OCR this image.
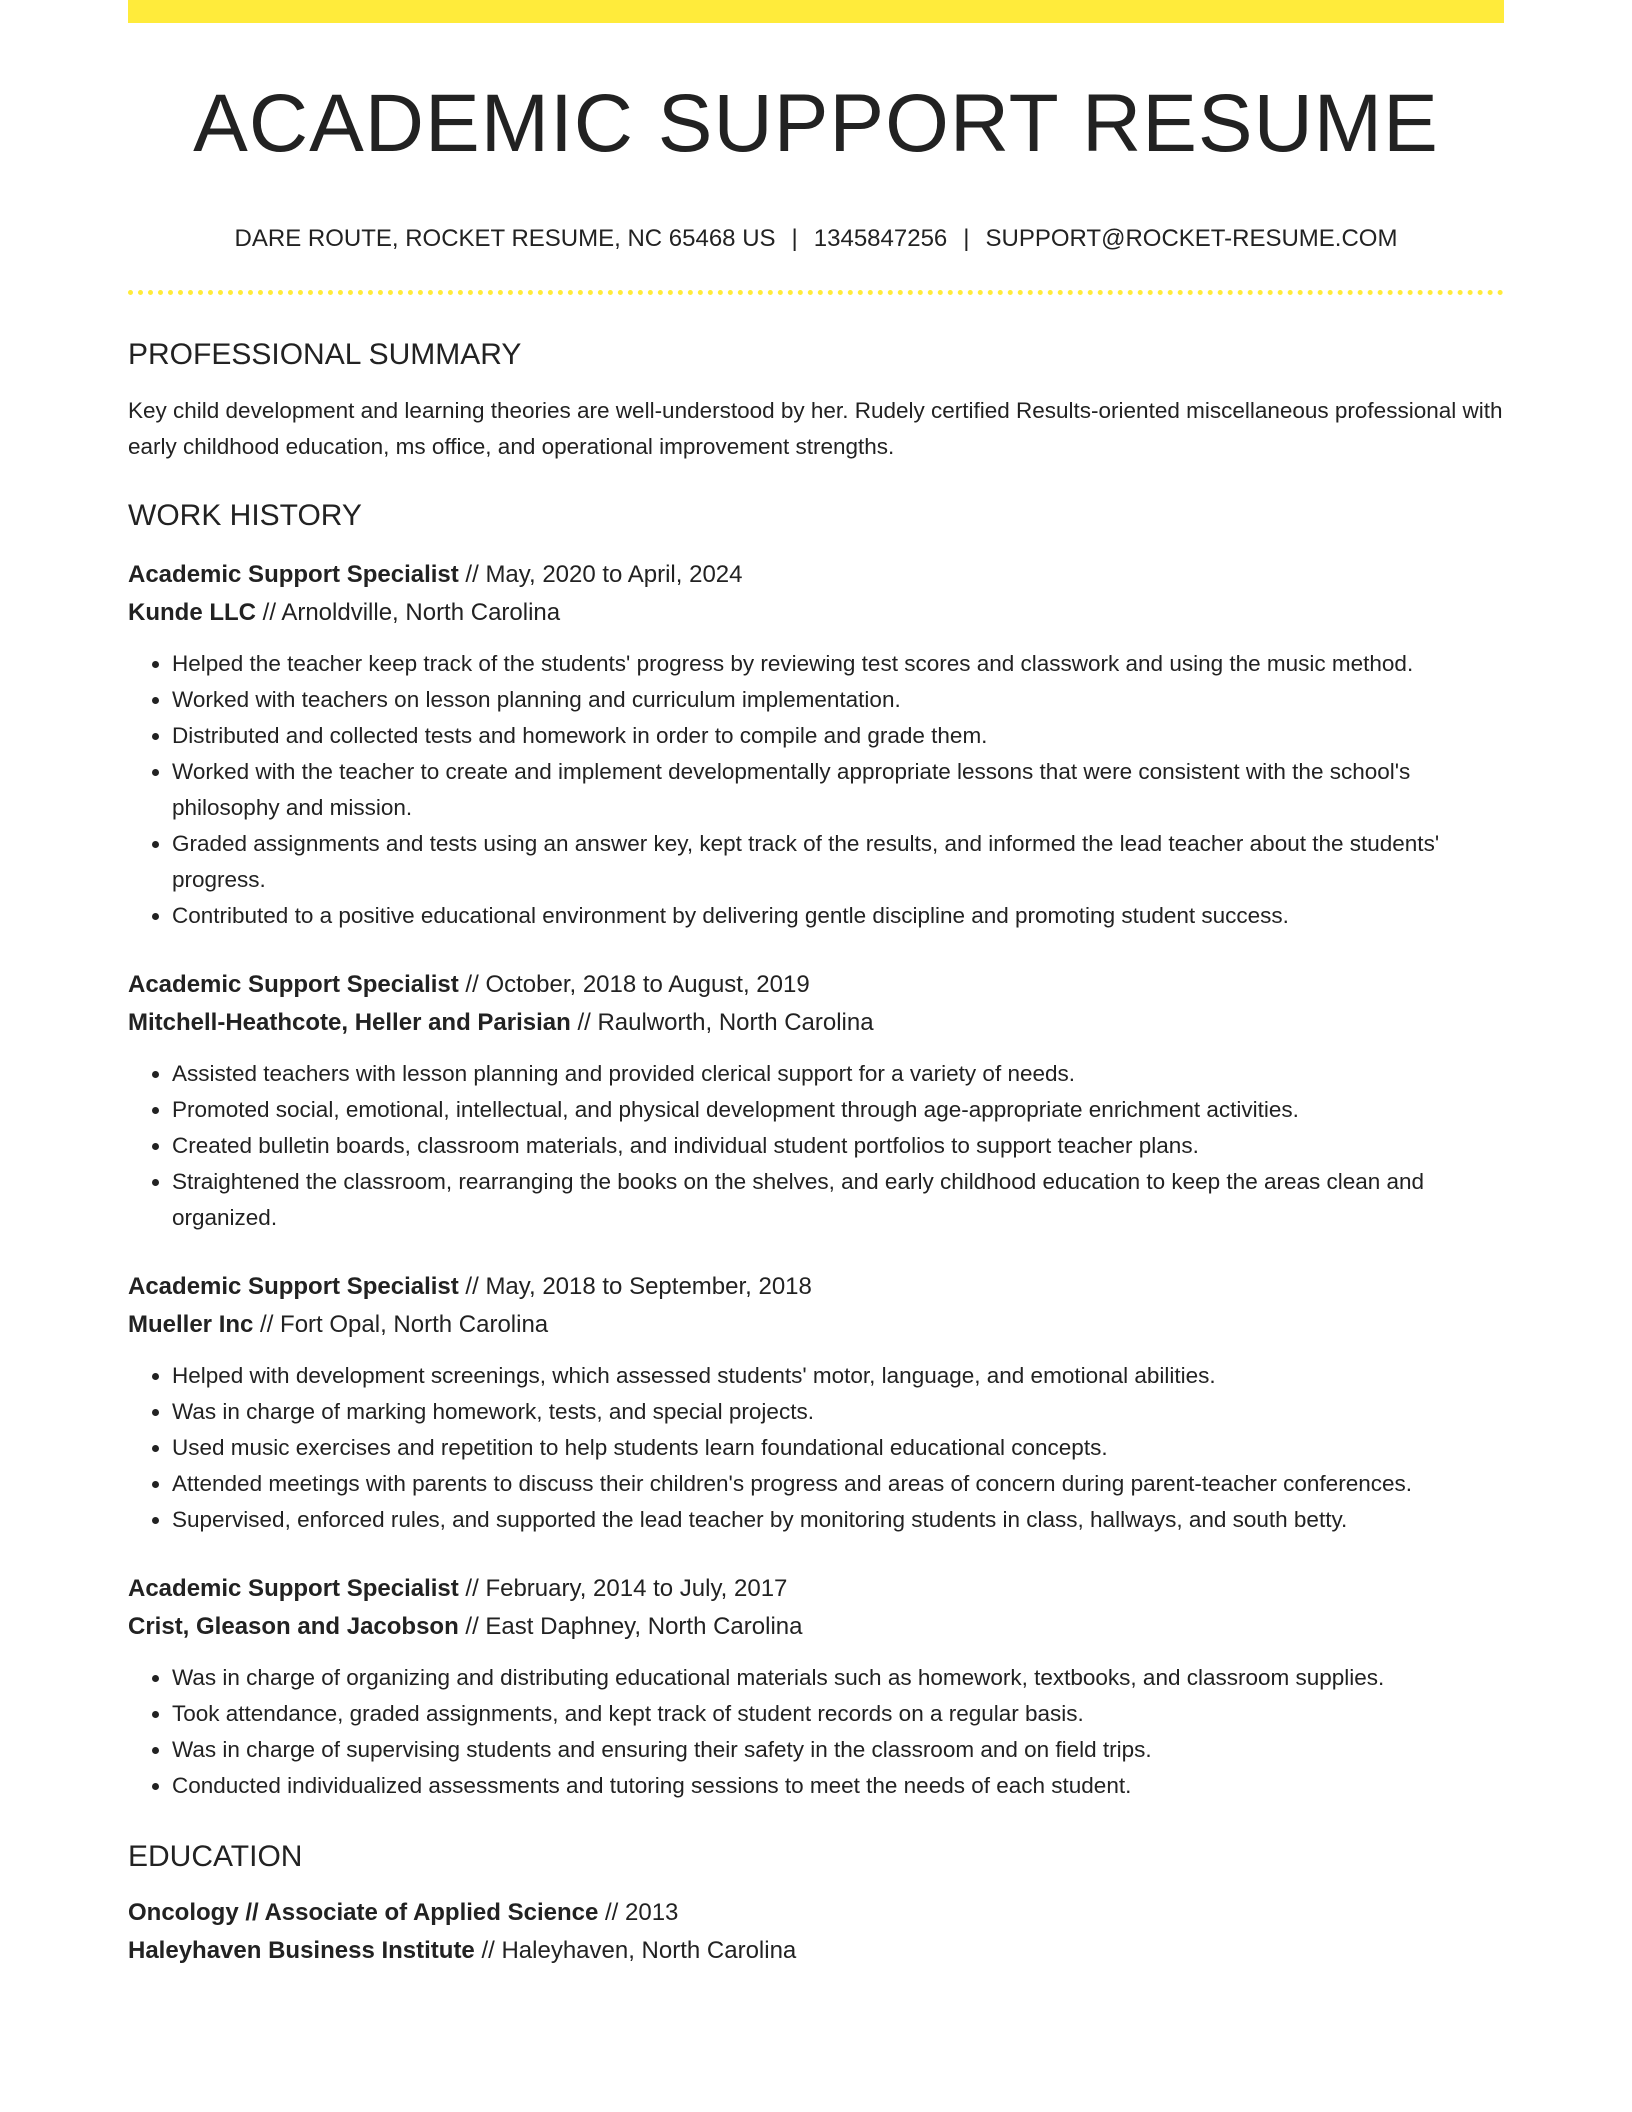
ACADEMIC SUPPORT RESUME
DARE ROUTE, ROCKET RESUME, NC 65468 US | 1345847256 | SUPPORT@ROCKET-RESUME.COM
PROFESSIONAL SUMMARY
Key child development and learning theories are well-understood by her. Rudely certified Results-oriented miscellaneous professional with early childhood education, ms office, and operational improvement strengths.
WORK HISTORY
Academic Support Specialist // May, 2020 to April, 2024
Kunde LLC // Arnoldville, North Carolina
• Helped the teacher keep track of the students' progress by reviewing test scores and classwork and using the music method.
• Worked with teachers on lesson planning and curriculum implementation.
• Distributed and collected tests and homework in order to compile and grade them.
• Worked with the teacher to create and implement developmentally appropriate lessons that were consistent with the school's philosophy and mission.
• Graded assignments and tests using an answer key, kept track of the results, and informed the lead teacher about the students' progress.
• Contributed to a positive educational environment by delivering gentle discipline and promoting student success.
Academic Support Specialist // October, 2018 to August, 2019
Mitchell-Heathcote, Heller and Parisian // Raulworth, North Carolina
• Assisted teachers with lesson planning and provided clerical support for a variety of needs.
• Promoted social, emotional, intellectual, and physical development through age-appropriate enrichment activities.
• Created bulletin boards, classroom materials, and individual student portfolios to support teacher plans.
• Straightened the classroom, rearranging the books on the shelves, and early childhood education to keep the areas clean and organized.
Academic Support Specialist // May, 2018 to September, 2018
Mueller Inc // Fort Opal, North Carolina
• Helped with development screenings, which assessed students' motor, language, and emotional abilities.
• Was in charge of marking homework, tests, and special projects.
• Used music exercises and repetition to help students learn foundational educational concepts.
• Attended meetings with parents to discuss their children's progress and areas of concern during parent-teacher conferences.
• Supervised, enforced rules, and supported the lead teacher by monitoring students in class, hallways, and south betty.
Academic Support Specialist // February, 2014 to July, 2017
Crist, Gleason and Jacobson // East Daphney, North Carolina
• Was in charge of organizing and distributing educational materials such as homework, textbooks, and classroom supplies.
• Took attendance, graded assignments, and kept track of student records on a regular basis.
• Was in charge of supervising students and ensuring their safety in the classroom and on field trips.
• Conducted individualized assessments and tutoring sessions to meet the needs of each student.
EDUCATION
Oncology // Associate of Applied Science // 2013
Haleyhaven Business Institute // Haleyhaven, North Carolina
